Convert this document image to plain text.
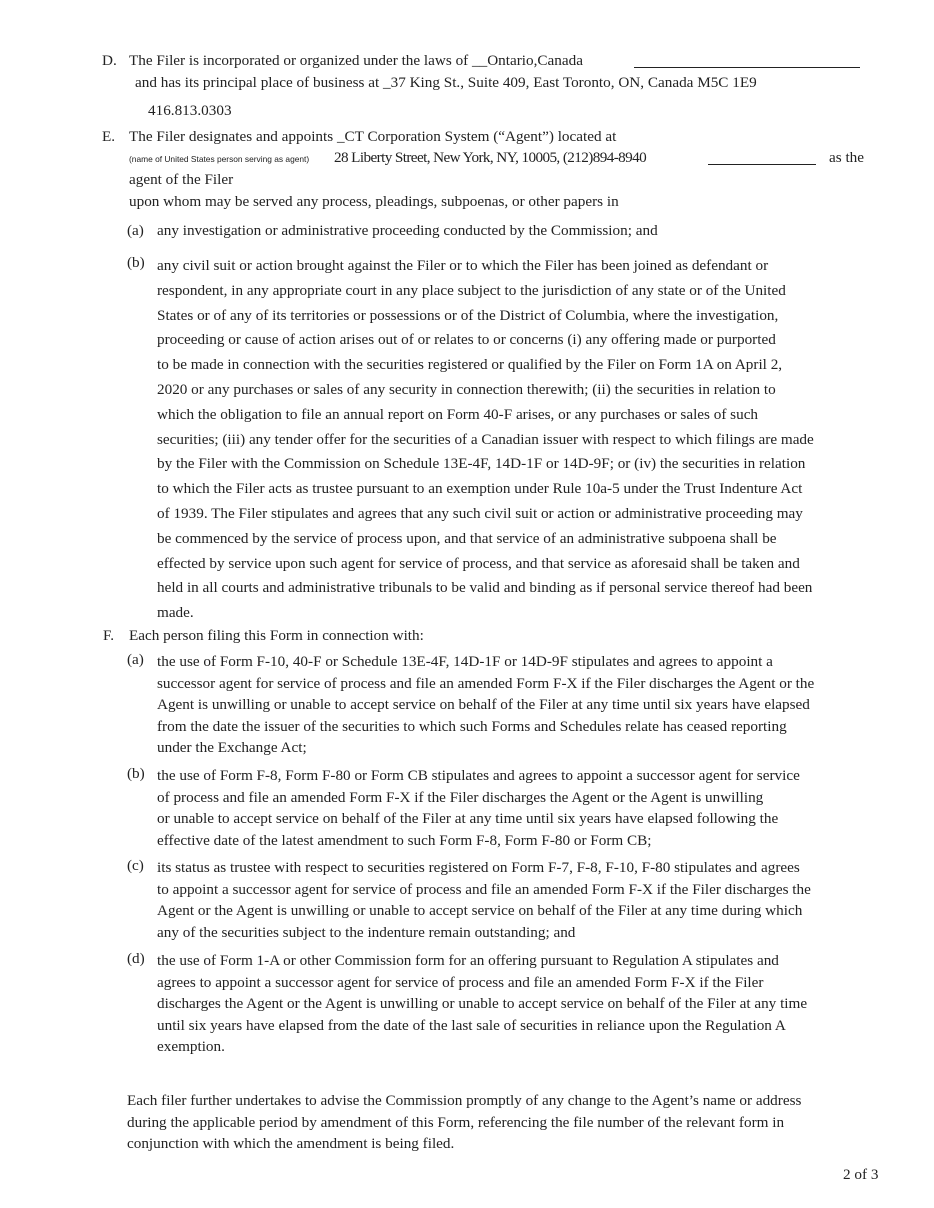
D. The Filer is incorporated or organized under the laws of __Ontario,Canada
and has its principal place of business at _37 King St., Suite 409, East Toronto, ON, Canada M5C 1E9
416.813.0303
E. The Filer designates and appoints _CT Corporation System (“Agent”) located at
(name of United States person serving as agent) 28 Liberty Street, New York, NY, 10005, (212)894-8940	as the
agent of the Filer
upon whom may be served any process, pleadings, subpoenas, or other papers in
(a) any investigation or administrative proceeding conducted by the Commission; and
(b) any civil suit or action brought against the Filer or to which the Filer has been joined as defendant or
respondent, in any appropriate court in any place subject to the jurisdiction of any state or of the United
States or of any of its territories or possessions or of the District of Columbia, where the investigation,
proceeding or cause of action arises out of or relates to or concerns (i) any offering made or purported
to be made in connection with the securities registered or qualified by the Filer on Form 1A on April 2,
2020 or any purchases or sales of any security in connection therewith; (ii) the securities in relation to
which the obligation to file an annual report on Form 40-F arises, or any purchases or sales of such
securities; (iii) any tender offer for the securities of a Canadian issuer with respect to which filings are made
by the Filer with the Commission on Schedule 13E-4F, 14D-1F or 14D-9F; or (iv) the securities in relation
to which the Filer acts as trustee pursuant to an exemption under Rule 10a-5 under the Trust Indenture Act
of 1939. The Filer stipulates and agrees that any such civil suit or action or administrative proceeding may
be commenced by the service of process upon, and that service of an administrative subpoena shall be
effected by service upon such agent for service of process, and that service as aforesaid shall be taken and
held in all courts and administrative tribunals to be valid and binding as if personal service thereof had been
made.
F. Each person filing this Form in connection with:
(a) the use of Form F-10, 40-F or Schedule 13E-4F, 14D-1F or 14D-9F stipulates and agrees to appoint a
successor agent for service of process and file an amended Form F-X if the Filer discharges the Agent or the
Agent is unwilling or unable to accept service on behalf of the Filer at any time until six years have elapsed
from the date the issuer of the securities to which such Forms and Schedules relate has ceased reporting
under the Exchange Act;
(b) the use of Form F-8, Form F-80 or Form CB stipulates and agrees to appoint a successor agent for service
of process and file an amended Form F-X if the Filer discharges the Agent or the Agent is unwilling
or unable to accept service on behalf of the Filer at any time until six years have elapsed following the
effective date of the latest amendment to such Form F-8, Form F-80 or Form CB;
(c) its status as trustee with respect to securities registered on Form F-7, F-8, F-10, F-80 stipulates and agrees
to appoint a successor agent for service of process and file an amended Form F-X if the Filer discharges the
Agent or the Agent is unwilling or unable to accept service on behalf of the Filer at any time during which
any of the securities subject to the indenture remain outstanding; and
(d) the use of Form 1-A or other Commission form for an offering pursuant to Regulation A stipulates and
agrees to appoint a successor agent for service of process and file an amended Form F-X if the Filer
discharges the Agent or the Agent is unwilling or unable to accept service on behalf of the Filer at any time
until six years have elapsed from the date of the last sale of securities in reliance upon the Regulation A
exemption.
Each filer further undertakes to advise the Commission promptly of any change to the Agent’s name or address
during the applicable period by amendment of this Form, referencing the file number of the relevant form in
conjunction with which the amendment is being filed.
2 of 3
